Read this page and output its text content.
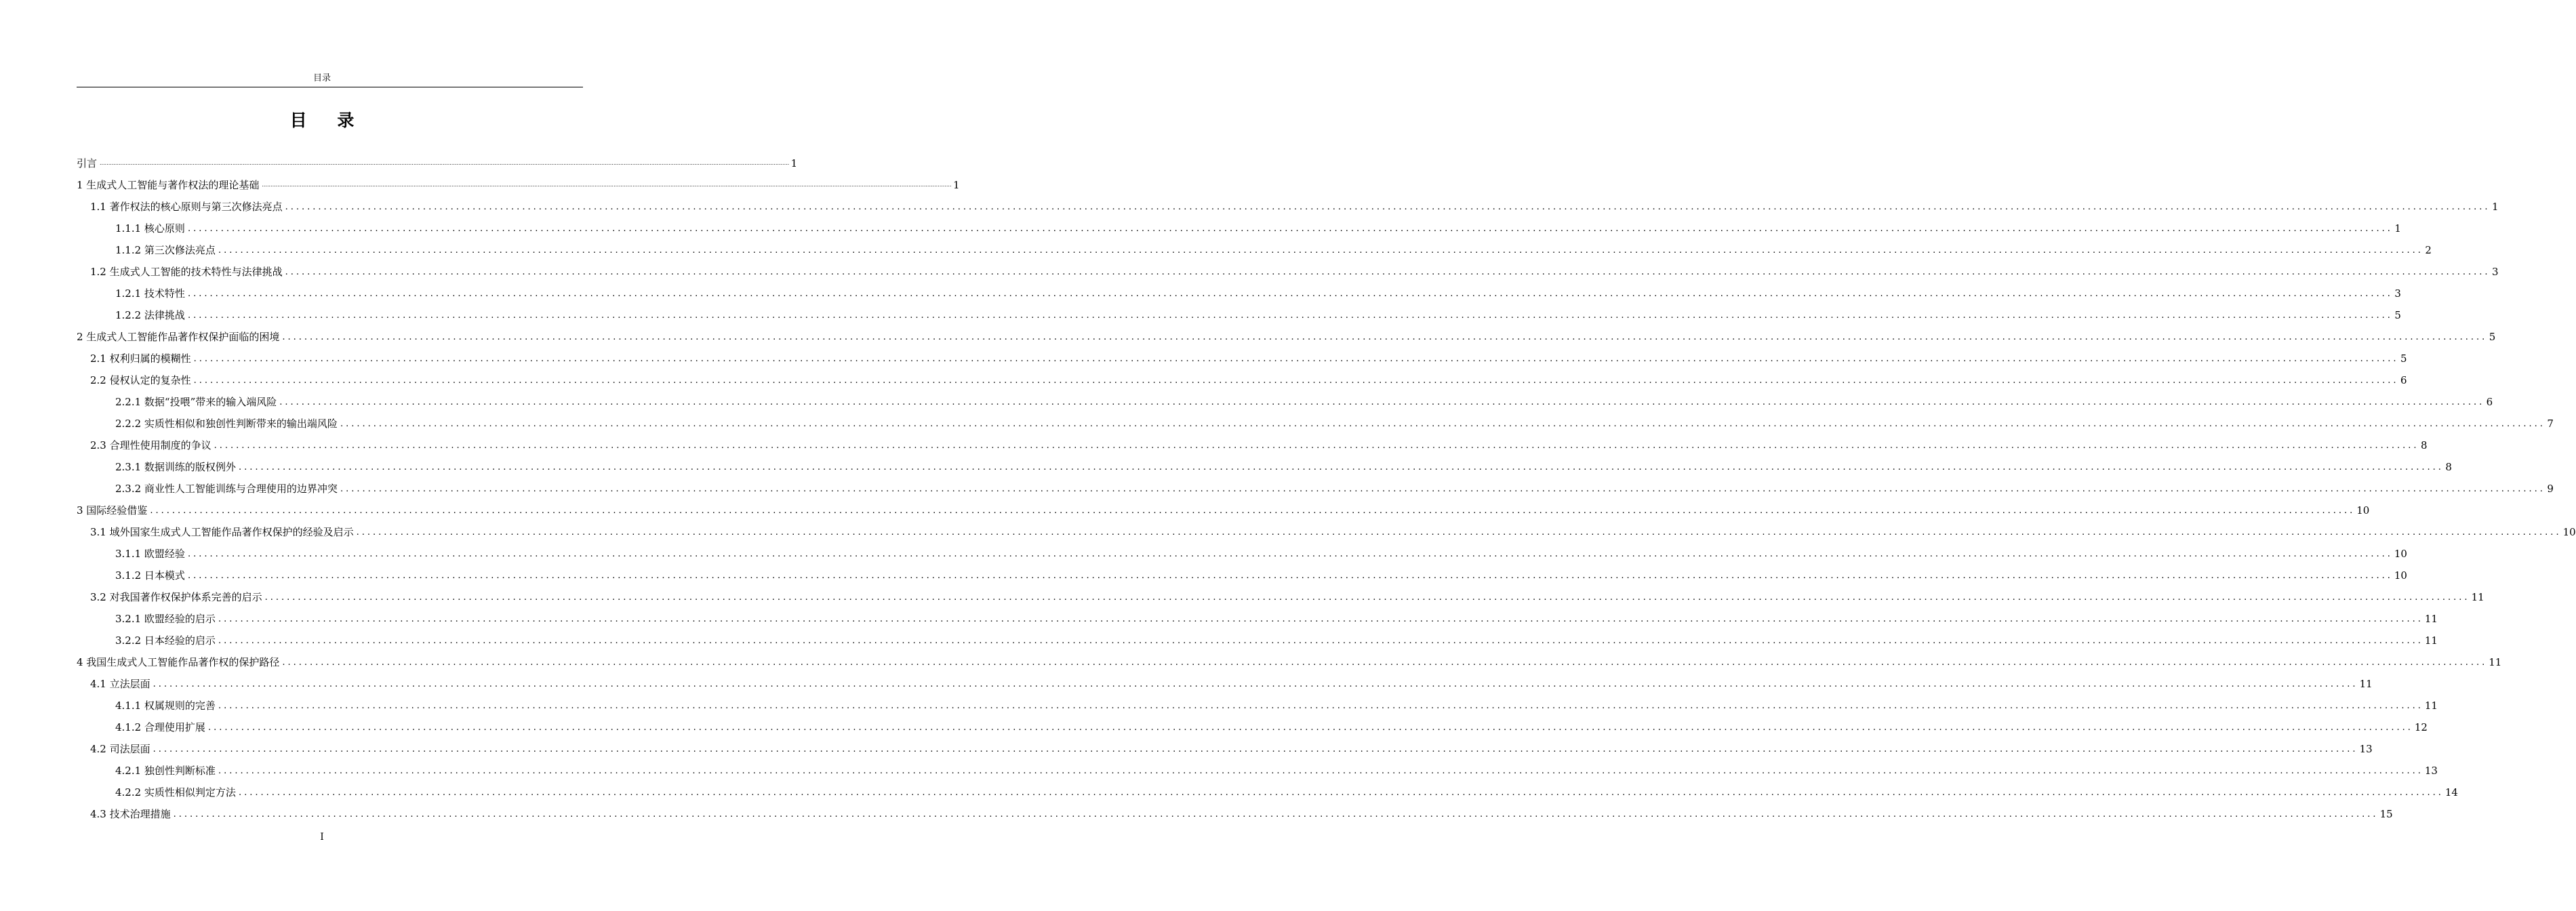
目录
目 录
引言 ................................................................................................................................................................................................................................................................................................................................................................................................................ 1
1 生成式人工智能与著作权法的理论基础 ................................................................................................................................................................................................................................................................................................................................................................................................................ 1
1.1 著作权法的核心原则与第三次修法亮点 ................................................................................................................................................................................................................................................................................................................................................................................................................ 1
1.1.1 核心原则 ................................................................................................................................................................................................................................................................................................................................................................................................................ 1
1.1.2 第三次修法亮点 ................................................................................................................................................................................................................................................................................................................................................................................................................ 2
1.2 生成式人工智能的技术特性与法律挑战 ................................................................................................................................................................................................................................................................................................................................................................................................................ 3
1.2.1 技术特性 ................................................................................................................................................................................................................................................................................................................................................................................................................ 3
1.2.2 法律挑战 ................................................................................................................................................................................................................................................................................................................................................................................................................ 5
2 生成式人工智能作品著作权保护面临的困境 ................................................................................................................................................................................................................................................................................................................................................................................................................ 5
2.1 权利归属的模糊性 ................................................................................................................................................................................................................................................................................................................................................................................................................ 5
2.2 侵权认定的复杂性 ................................................................................................................................................................................................................................................................................................................................................................................................................ 6
2.2.1 数据“投喂”带来的输入端风险 ................................................................................................................................................................................................................................................................................................................................................................................................................ 6
2.2.2 实质性相似和独创性判断带来的输出端风险 ................................................................................................................................................................................................................................................................................................................................................................................................................ 7
2.3 合理性使用制度的争议 ................................................................................................................................................................................................................................................................................................................................................................................................................ 8
2.3.1 数据训练的版权例外 ................................................................................................................................................................................................................................................................................................................................................................................................................ 8
2.3.2 商业性人工智能训练与合理使用的边界冲突 ................................................................................................................................................................................................................................................................................................................................................................................................................ 9
3 国际经验借鉴 ................................................................................................................................................................................................................................................................................................................................................................................................................ 10
3.1 域外国家生成式人工智能作品著作权保护的经验及启示 ................................................................................................................................................................................................................................................................................................................................................................................................................ 10
3.1.1 欧盟经验 ................................................................................................................................................................................................................................................................................................................................................................................................................ 10
3.1.2 日本模式 ................................................................................................................................................................................................................................................................................................................................................................................................................ 10
3.2 对我国著作权保护体系完善的启示 ................................................................................................................................................................................................................................................................................................................................................................................................................ 11
3.2.1 欧盟经验的启示 ................................................................................................................................................................................................................................................................................................................................................................................................................ 11
3.2.2 日本经验的启示 ................................................................................................................................................................................................................................................................................................................................................................................................................ 11
4 我国生成式人工智能作品著作权的保护路径 ................................................................................................................................................................................................................................................................................................................................................................................................................ 11
4.1 立法层面 ................................................................................................................................................................................................................................................................................................................................................................................................................ 11
4.1.1 权属规则的完善 ................................................................................................................................................................................................................................................................................................................................................................................................................ 11
4.1.2 合理使用扩展 ................................................................................................................................................................................................................................................................................................................................................................................................................ 12
4.2 司法层面 ................................................................................................................................................................................................................................................................................................................................................................................................................ 13
4.2.1 独创性判断标准 ................................................................................................................................................................................................................................................................................................................................................................................................................ 13
4.2.2 实质性相似判定方法 ................................................................................................................................................................................................................................................................................................................................................................................................................ 14
4.3 技术治理措施 ................................................................................................................................................................................................................................................................................................................................................................................................................ 15
I
